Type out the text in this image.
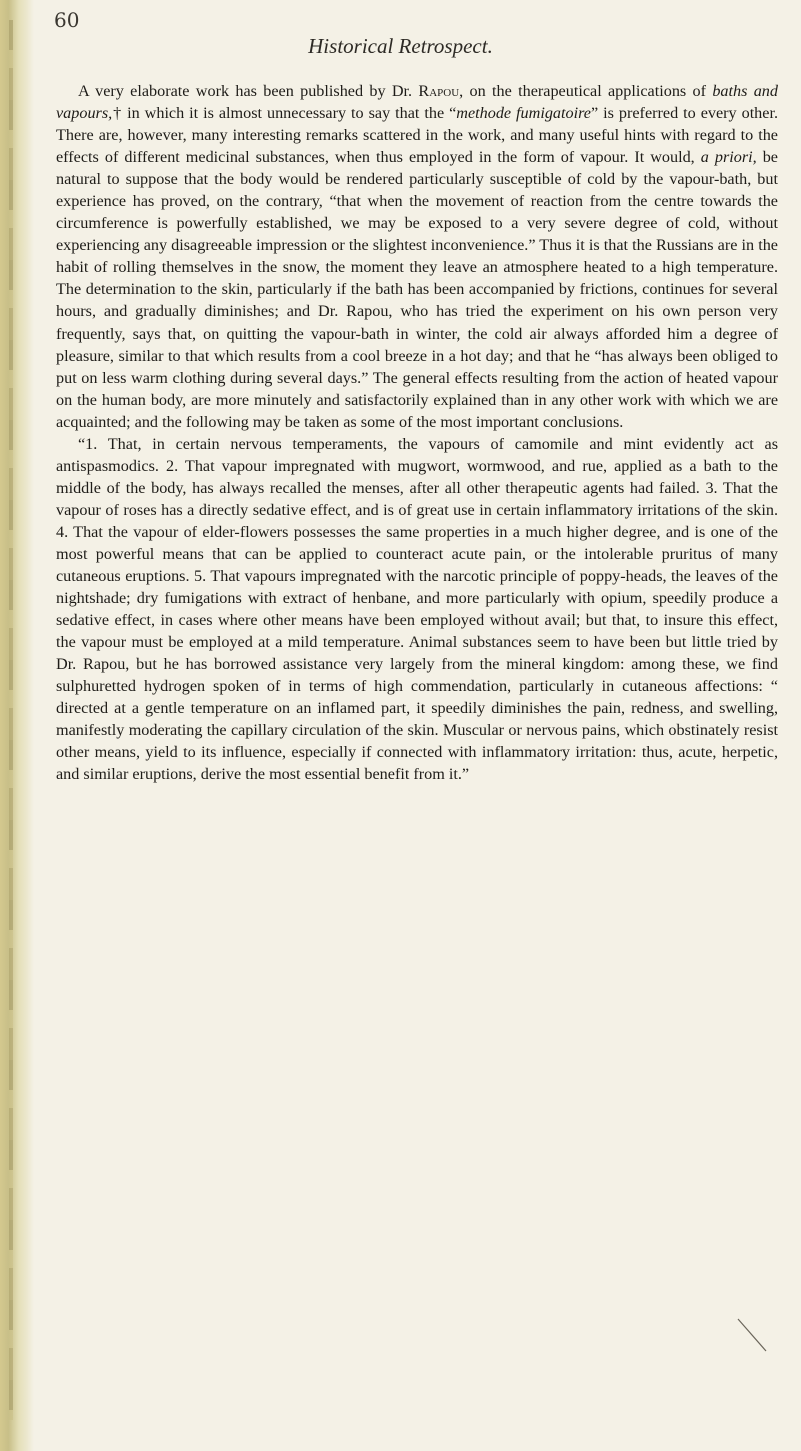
60
Historical Retrospect.

A very elaborate work has been published by Dr. Rapou, on the therapeutical applications of baths and vapours,† in which it is almost unnecessary to say that the “methode fumigatoire” is preferred to every other. There are, however, many interesting remarks scattered in the work, and many useful hints with regard to the effects of different medicinal substances, when thus employed in the form of vapour. It would, a priori, be natural to suppose that the body would be rendered particularly susceptible of cold by the vapour-bath, but experience has proved, on the contrary, “that when the movement of reaction from the centre towards the circumference is powerfully established, we may be exposed to a very severe degree of cold, without experiencing any disagreeable impression or the slightest inconvenience.” Thus it is that the Russians are in the habit of rolling themselves in the snow, the moment they leave an atmosphere heated to a high temperature. The determination to the skin, particularly if the bath has been accompanied by frictions, continues for several hours, and gradually diminishes; and Dr. Rapou, who has tried the experiment on his own person very frequently, says that, on quitting the vapour-bath in winter, the cold air always afforded him a degree of pleasure, similar to that which results from a cool breeze in a hot day; and that he “has always been obliged to put on less warm clothing during several days.” The general effects resulting from the action of heated vapour on the human body, are more minutely and satisfactorily explained than in any other work with which we are acquainted; and the following may be taken as some of the most important conclusions.

“1. That, in certain nervous temperaments, the vapours of camomile and mint evidently act as antispasmodics. 2. That vapour impregnated with mugwort, wormwood, and rue, applied as a bath to the middle of the body, has always recalled the menses, after all other therapeutic agents had failed. 3. That the vapour of roses has a directly sedative effect, and is of great use in certain inflammatory irritations of the skin. 4. That the vapour of elder-flowers possesses the same properties in a much higher degree, and is one of the most powerful means that can be applied to counteract acute pain, or the intolerable pruritus of many cutaneous eruptions. 5. That vapours impregnated with the narcotic principle of poppy-heads, the leaves of the nightshade; dry fumigations with extract of henbane, and more particularly with opium, speedily produce a sedative effect, in cases where other means have been employed without avail; but that, to insure this effect, the vapour must be employed at a mild temperature. Animal substances seem to have been but little tried by Dr. Rapou, but he has borrowed assistance very largely from the mineral kingdom: among these, we find sulphuretted hydrogen spoken of in terms of high commendation, particularly in cutaneous affections: “ directed at a gentle temperature on an inflamed part, it speedily diminishes the pain, redness, and swelling, manifestly moderating the capillary circulation of the skin. Muscular or nervous pains, which obstinately resist other means, yield to its influence, especially if connected with inflammatory irritation: thus, acute, herpetic, and similar eruptions, derive the most essential benefit from it.”
